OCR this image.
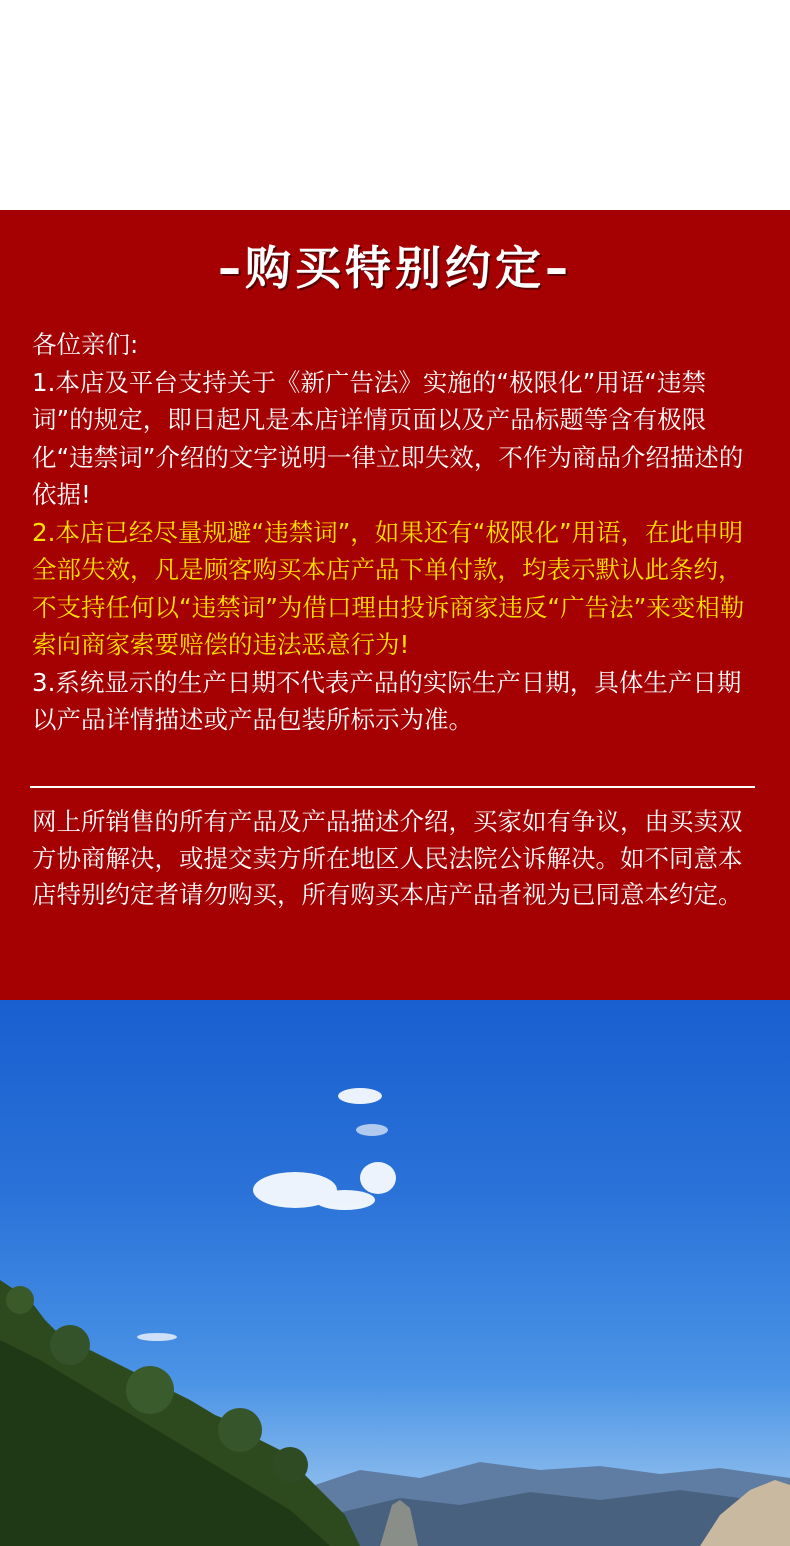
–购买特别约定–

各位亲们:

1.本店及平台支持关于《新广告法》实施的“极限化”用语“违禁词”的规定，即日起凡是本店详情页面以及产品标题等含有极限化“违禁词”介绍的文字说明一律立即失效，不作为商品介绍描述的依据!

2.本店已经尽量规避“违禁词”，如果还有“极限化”用语，在此申明全部失效，凡是顾客购买本店产品下单付款，均表示默认此条约，不支持任何以“违禁词”为借口理由投诉商家违反“广告法”来变相勒索向商家索要赔偿的违法恶意行为!

3.系统显示的生产日期不代表产品的实际生产日期，具体生产日期以产品详情描述或产品包装所标示为准。

网上所销售的所有产品及产品描述介绍，买家如有争议，由买卖双方协商解决，或提交卖方所在地区人民法院公诉解决。如不同意本店特别约定者请勿购买，所有购买本店产品者视为已同意本约定。
